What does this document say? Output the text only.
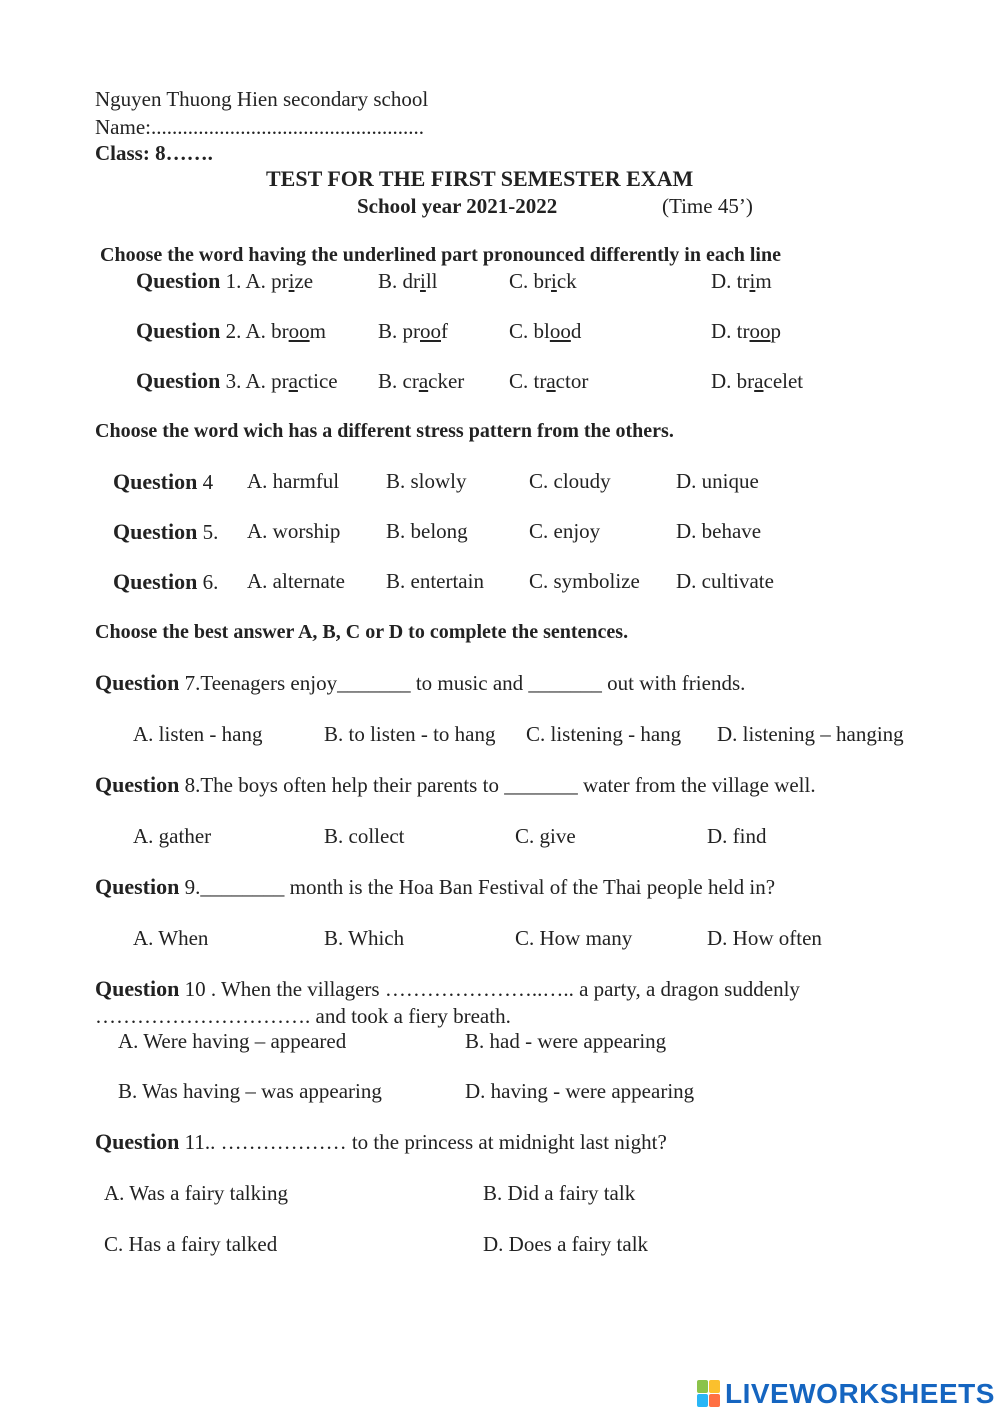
Nguyen Thuong Hien secondary school
Name:....................................................
Class: 8…….
TEST FOR THE FIRST SEMESTER EXAM
School year 2021-2022	(Time 45’)
Choose the word having the underlined part pronounced differently in each line
Question 1. A. prize	B. drill	C. brick	D. trim
Question 2. A. broom B. proof	C. blood	D. troop
Question 3. A. practice B. cracker C. tractor	D. bracelet
Choose the word wich has a different stress pattern from the others.
Question 4 A. harmful B. slowly	C. cloudy	D. unique
Question 5. A. worship B. belong	C. enjoy	D. behave
Question 6. A. alternate B. entertain C. symbolize D. cultivate
Choose the best answer A, B, C or D to complete the sentences.
Question 7.Teenagers enjoy_______ to music and _______ out with friends.
A. listen - hang	B. to listen - to hang C. listening - hang D. listening – hanging
Question 8.The boys often help their parents to _______ water from the village well.
A. gather	B. collect	C. give	D. find
Question 9.________ month is the Hoa Ban Festival of the Thai people held in?
A. When	B. Which	C. How many	D. How often
Question 10 . When the villagers …………………..….. a party, a dragon suddenly
…………………………. and took a fiery breath.
A. Were having – appeared	B. had - were appearing
B. Was having – was appearing	D. having - were appearing
Question 11.. ……………… to the princess at midnight last night?
A. Was a fairy talking	B. Did a fairy talk
C. Has a fairy talked	D. Does a fairy talk
LIVEWORKSHEETS
